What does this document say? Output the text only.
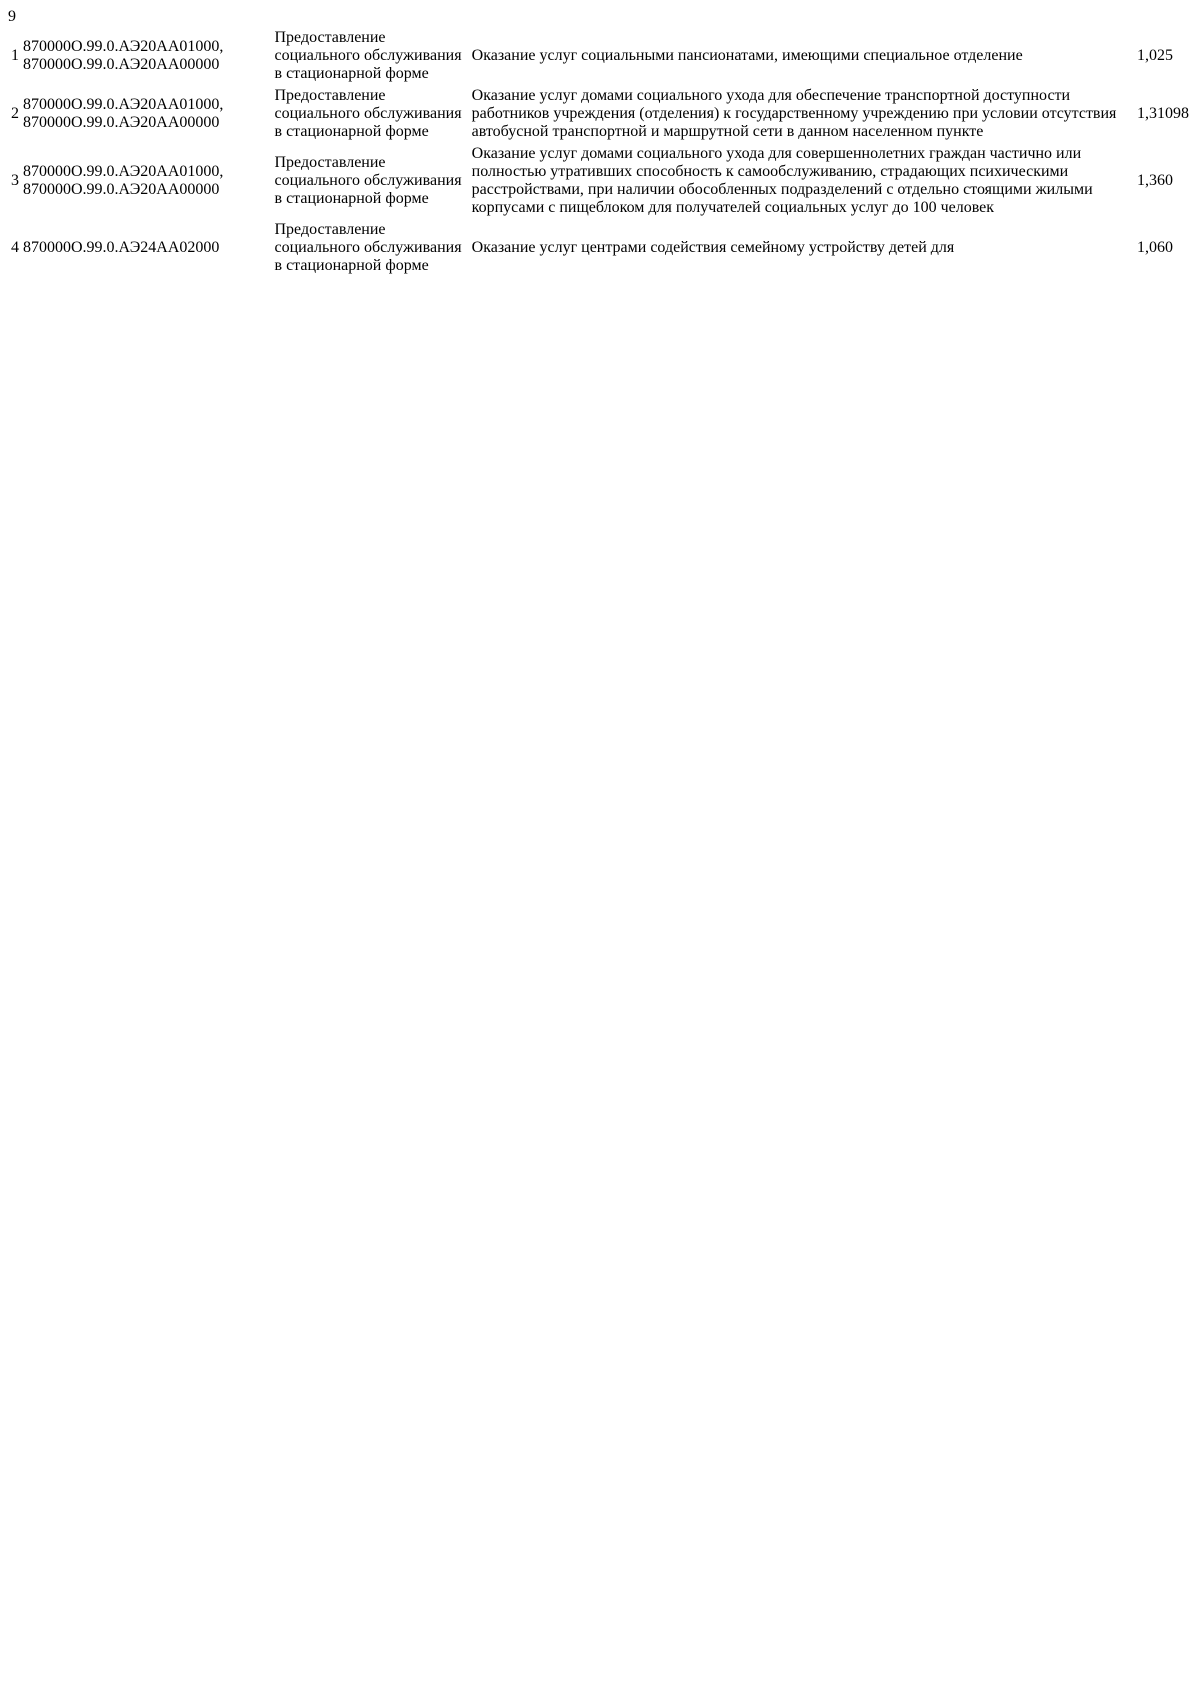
9
1	870000О.99.0.АЭ20АА01000, 870000О.99.0.АЭ20АА00000	Предоставление социального обслуживания в стационарной форме	Оказание услуг социальными пансионатами, имеющими специальное отделение	1,025
2	870000О.99.0.АЭ20АА01000, 870000О.99.0.АЭ20АА00000	Предоставление социального обслуживания в стационарной форме	Оказание услуг домами социального ухода для обеспечение транспортной доступности работников учреждения (отделения) к государственному учреждению при условии отсутствия автобусной транспортной и маршрутной сети в данном населенном пункте	1,31098
3	870000О.99.0.АЭ20АА01000, 870000О.99.0.АЭ20АА00000	Предоставление социального обслуживания в стационарной форме	Оказание услуг домами социального ухода для совершеннолетних граждан частично или полностью утративших способность к самообслуживанию, страдающих психическими расстройствами, при наличии обособленных подразделений с отдельно стоящими жилыми корпусами с пищеблоком для получателей социальных услуг до 100 человек	1,360
4	870000О.99.0.АЭ24АА02000	Предоставление социального обслуживания в стационарной форме	Оказание услуг центрами содействия семейному устройству детей для	1,060
